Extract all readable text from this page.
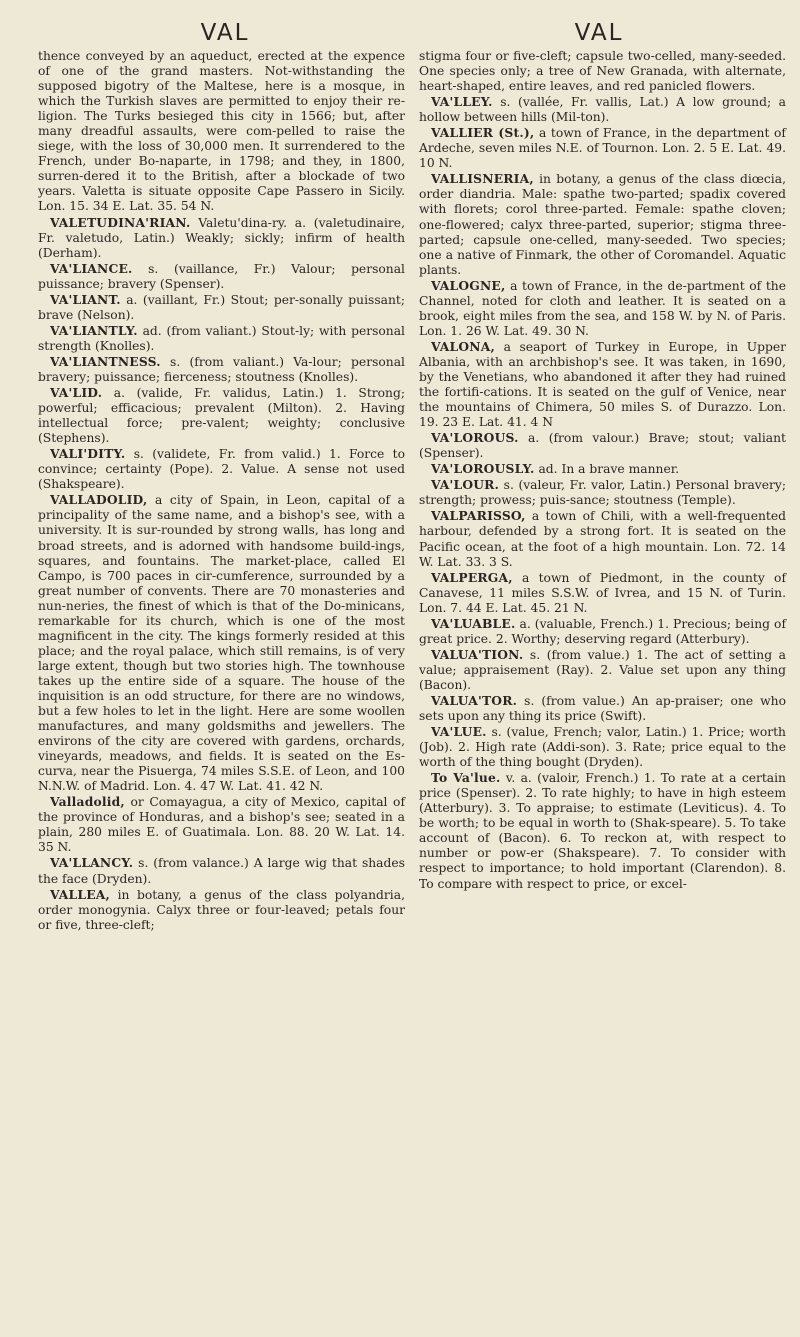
VAL	VAL

thence conveyed by an aqueduct, erected at the expence of one of the grand masters. Not-withstanding the supposed bigotry of the Maltese, here is a mosque, in which the Turkish slaves are permitted to enjoy their re-ligion. The Turks besieged this city in 1566; but, after many dreadful assaults, were com-pelled to raise the siege, with the loss of 30,000 men. It surrendered to the French, under Bo-naparte, in 1798; and they, in 1800, surren-dered it to the British, after a blockade of two years. Valetta is situate opposite Cape Passero in Sicily. Lon. 15. 34 E. Lat. 35. 54 N.

VALETUDINA'RIAN. Valetu'dina-ry. a. (valetudinaire, Fr. valetudo, Latin.) Weakly; sickly; infirm of health (Derham).

VA'LIANCE. s. (vaillance, Fr.) Valour; personal puissance; bravery (Spenser).

VA'LIANT. a. (vaillant, Fr.) Stout; per-sonally puissant; brave (Nelson).

VA'LIANTLY. ad. (from valiant.) Stout-ly; with personal strength (Knolles).

VA'LIANTNESS. s. (from valiant.) Va-lour; personal bravery; puissance; fierceness; stoutness (Knolles).

VA'LID. a. (valide, Fr. validus, Latin.) 1. Strong; powerful; efficacious; prevalent (Milton). 2. Having intellectual force; pre-valent; weighty; conclusive (Stephens).

VALI'DITY. s. (validete, Fr. from valid.) 1. Force to convince; certainty (Pope). 2. Value. A sense not used (Shakspeare).

VALLADOLID, a city of Spain, in Leon, capital of a principality of the same name, and a bishop's see, with a university. It is sur-rounded by strong walls, has long and broad streets, and is adorned with handsome build-ings, squares, and fountains. The market-place, called El Campo, is 700 paces in cir-cumference, surrounded by a great number of convents. There are 70 monasteries and nun-neries, the finest of which is that of the Do-minicans, remarkable for its church, which is one of the most magnificent in the city. The kings formerly resided at this place; and the royal palace, which still remains, is of very large extent, though but two stories high. The townhouse takes up the entire side of a square. The house of the inquisition is an odd structure, for there are no windows, but a few holes to let in the light. Here are some woollen manufactures, and many goldsmiths and jewellers. The environs of the city are covered with gardens, orchards, vineyards, meadows, and fields. It is seated on the Es-curva, near the Pisuerga, 74 miles S.S.E. of Leon, and 100 N.N.W. of Madrid. Lon. 4. 47 W. Lat. 41. 42 N.

Valladolid, or Comayagua, a city of Mexico, capital of the province of Honduras, and a bishop's see; seated in a plain, 280 miles E. of Guatimala. Lon. 88. 20 W. Lat. 14. 35 N.

VA'LLANCY. s. (from valance.) A large wig that shades the face (Dryden).

VALLEA, in botany, a genus of the class polyandria, order monogynia. Calyx three or four-leaved; petals four or five, three-cleft;

stigma four or five-cleft; capsule two-celled, many-seeded. One species only; a tree of New Granada, with alternate, heart-shaped, entire leaves, and red panicled flowers.

VA'LLEY. s. (vallée, Fr. vallis, Lat.) A low ground; a hollow between hills (Mil-ton).

VALLIER (St.), a town of France, in the department of Ardeche, seven miles N.E. of Tournon. Lon. 2. 5 E. Lat. 49. 10 N.

VALLISNERIA, in botany, a genus of the class diœcia, order diandria. Male: spathe two-parted; spadix covered with florets; corol three-parted. Female: spathe cloven; one-flowered; calyx three-parted, superior; stigma three-parted; capsule one-celled, many-seeded. Two species; one a native of Finmark, the other of Coromandel. Aquatic plants.

VALOGNE, a town of France, in the de-partment of the Channel, noted for cloth and leather. It is seated on a brook, eight miles from the sea, and 158 W. by N. of Paris. Lon. 1. 26 W. Lat. 49. 30 N.

VALONA, a seaport of Turkey in Europe, in Upper Albania, with an archbishop's see. It was taken, in 1690, by the Venetians, who abandoned it after they had ruined the fortifi-cations. It is seated on the gulf of Venice, near the mountains of Chimera, 50 miles S. of Durazzo. Lon. 19. 23 E. Lat. 41. 4 N

VA'LOROUS. a. (from valour.) Brave; stout; valiant (Spenser).

VA'LOROUSLY. ad. In a brave manner.

VA'LOUR. s. (valeur, Fr. valor, Latin.) Personal bravery; strength; prowess; puis-sance; stoutness (Temple).

VALPARISSO, a town of Chili, with a well-frequented harbour, defended by a strong fort. It is seated on the Pacific ocean, at the foot of a high mountain. Lon. 72. 14 W. Lat. 33. 3 S.

VALPERGA, a town of Piedmont, in the county of Canavese, 11 miles S.S.W. of Ivrea, and 15 N. of Turin. Lon. 7. 44 E. Lat. 45. 21 N.

VA'LUABLE. a. (valuable, French.) 1. Precious; being of great price. 2. Worthy; deserving regard (Atterbury).

VALUA'TION. s. (from value.) 1. The act of setting a value; appraisement (Ray). 2. Value set upon any thing (Bacon).

VALUA'TOR. s. (from value.) An ap-praiser; one who sets upon any thing its price (Swift).

VA'LUE. s. (value, French; valor, Latin.) 1. Price; worth (Job). 2. High rate (Addi-son). 3. Rate; price equal to the worth of the thing bought (Dryden).

To Va'lue. v. a. (valoir, French.) 1. To rate at a certain price (Spenser). 2. To rate highly; to have in high esteem (Atterbury). 3. To appraise; to estimate (Leviticus). 4. To be worth; to be equal in worth to (Shak-speare). 5. To take account of (Bacon). 6. To reckon at, with respect to number or pow-er (Shakspeare). 7. To consider with respect to importance; to hold important (Clarendon). 8. To compare with respect to price, or excel-
